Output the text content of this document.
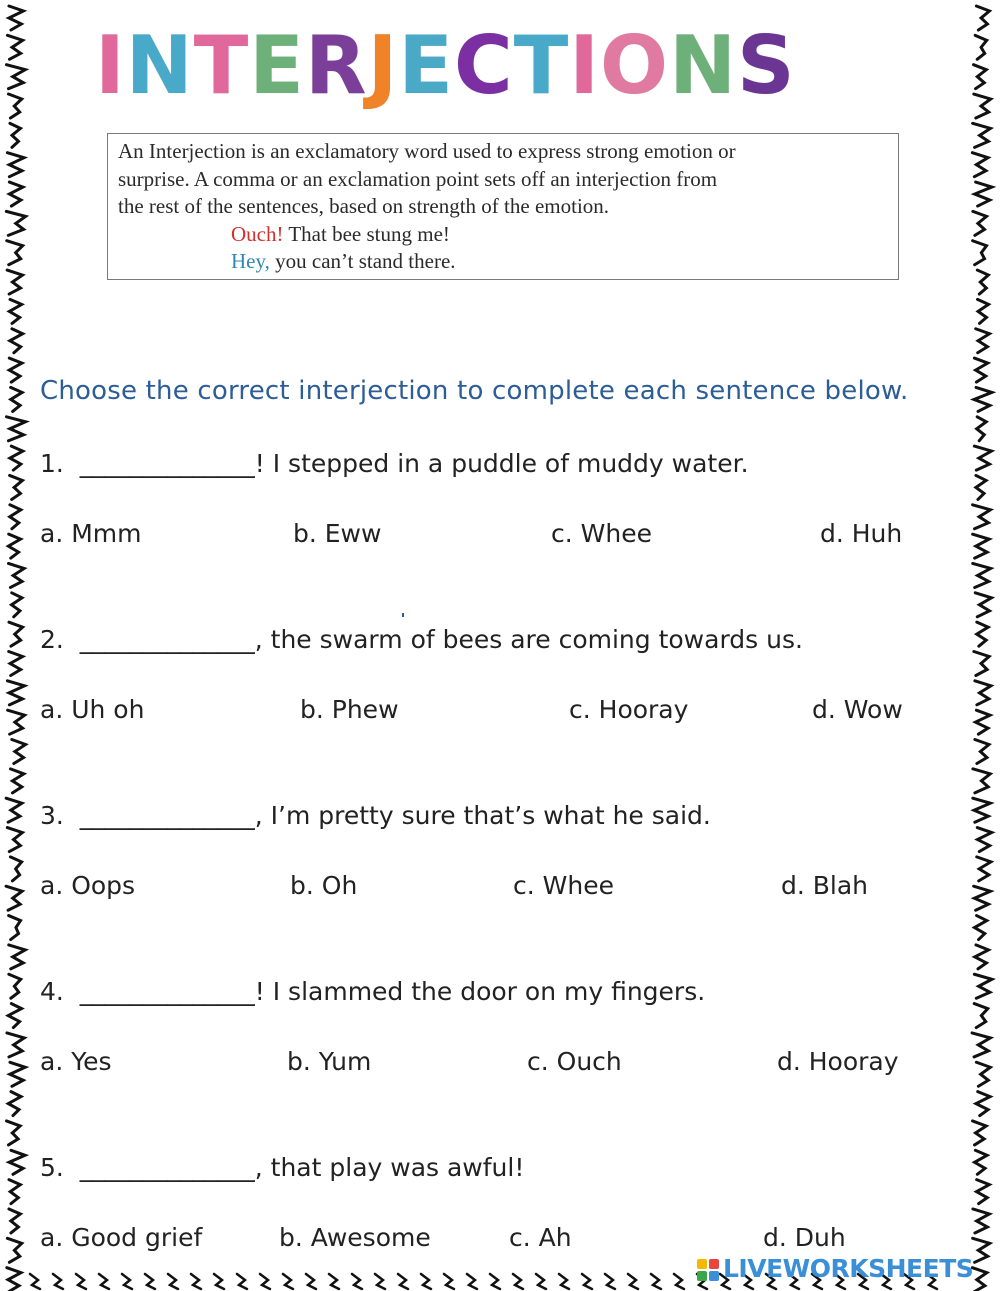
INTERJECTIONS
An Interjection is an exclamatory word used to express strong emotion or
surprise. A comma or an exclamation point sets off an interjection from
the rest of the sentences, based on strength of the emotion.
Ouch! That bee stung me!
Hey, you can’t stand there.
Choose the correct interjection to complete each sentence below.
1. ______________! I stepped in a puddle of muddy water.
a. Mmm	b. Eww	c. Whee	d. Huh
2. ______________, the swarm of bees are coming towards us.
a. Uh oh	b. Phew	c. Hooray	d. Wow
3. ______________, I’m pretty sure that’s what he said.
a. Oops	b. Oh	c. Whee	d. Blah
4. ______________! I slammed the door on my fingers.
a. Yes	b. Yum	c. Ouch	d. Hooray
5. ______________, that play was awful!
a. Good grief	b. Awesome	c. Ah	d. Duh
LIVEWORKSHEETS
